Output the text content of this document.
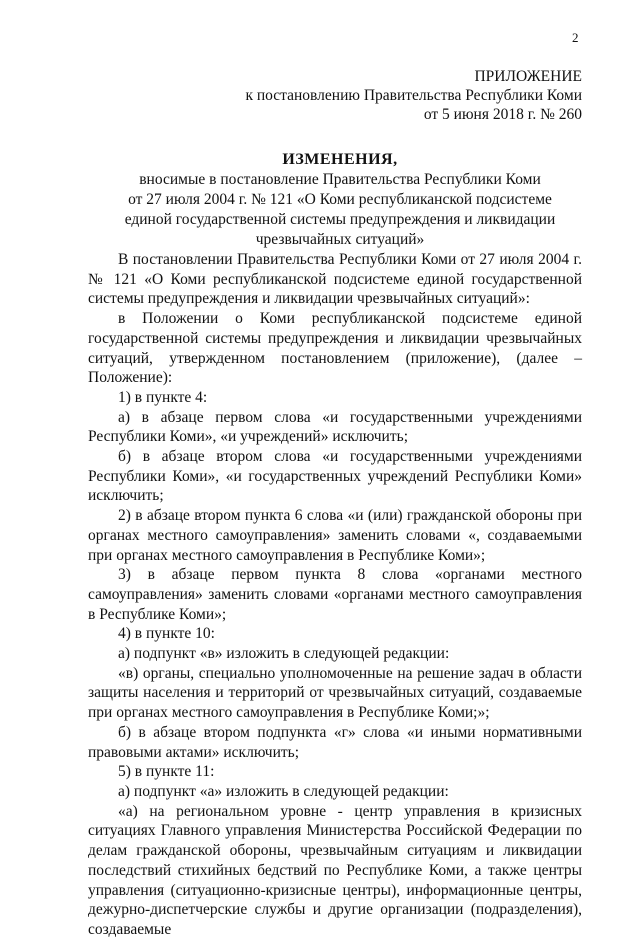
2
ПРИЛОЖЕНИЕ
к постановлению Правительства Республики Коми
от 5 июня 2018 г. № 260
ИЗМЕНЕНИЯ,
вносимые в постановление Правительства Республики Коми
от 27 июля 2004 г. № 121 «О Коми республиканской подсистеме
единой государственной системы предупреждения и ликвидации
чрезвычайных ситуаций»

В постановлении Правительства Республики Коми от 27 июля 2004 г. № 121 «О Коми республиканской подсистеме единой государственной системы предупреждения и ликвидации чрезвычайных ситуаций»:

в Положении о Коми республиканской подсистеме единой государственной системы предупреждения и ликвидации чрезвычайных ситуаций, утвержденном постановлением (приложение), (далее – Положение):

1) в пункте 4:

а) в абзаце первом слова «и государственными учреждениями Республики Коми», «и учреждений» исключить;

б) в абзаце втором слова «и государственными учреждениями Республики Коми», «и государственных учреждений Республики Коми» исключить;

2) в абзаце втором пункта 6 слова «и (или) гражданской обороны при органах местного самоуправления» заменить словами «, создаваемыми при органах местного самоуправления в Республике Коми»;

3) в абзаце первом пункта 8 слова «органами местного самоуправления» заменить словами «органами местного самоуправления в Республике Коми»;

4) в пункте 10:

а) подпункт «в» изложить в следующей редакции:

«в) органы, специально уполномоченные на решение задач в области защиты населения и территорий от чрезвычайных ситуаций, создаваемые при органах местного самоуправления в Республике Коми;»;

б) в абзаце втором подпункта «г» слова «и иными нормативными правовыми актами» исключить;

5) в пункте 11:

а) подпункт «а» изложить в следующей редакции:

«а) на региональном уровне - центр управления в кризисных ситуациях Главного управления Министерства Российской Федерации по делам гражданской обороны, чрезвычайным ситуациям и ликвидации последствий стихийных бедствий по Республике Коми, а также центры управления (ситуационно-кризисные центры), информационные центры, дежурно-диспетчерские службы и другие организации (подразделения), создаваемые
